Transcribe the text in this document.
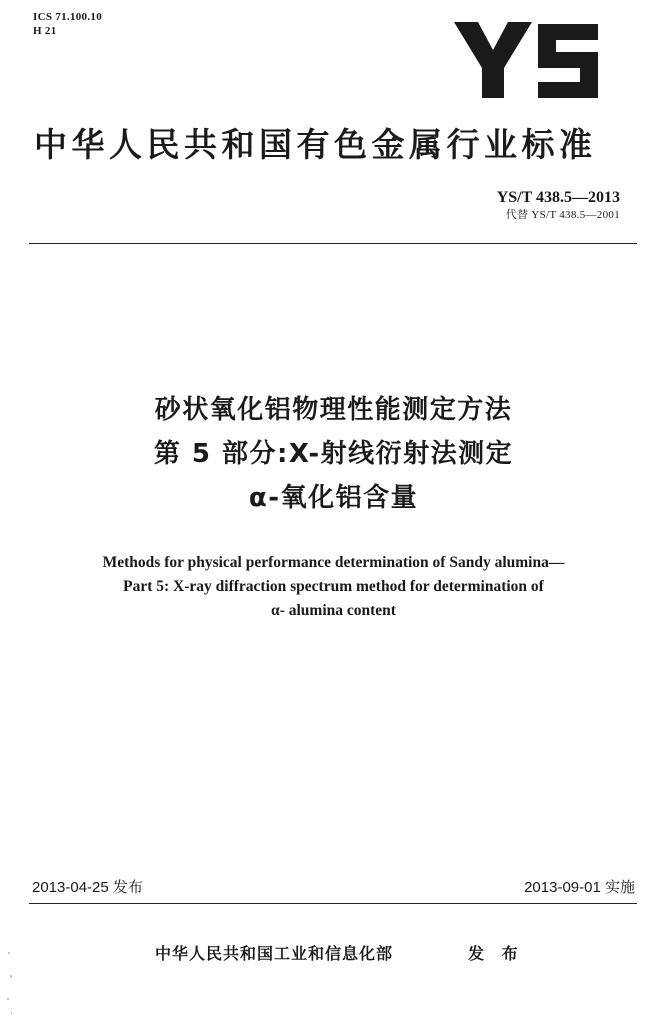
ICS 71.100.10
H 21
中华人民共和国有色金属行业标准
YS/T 438.5—2013
代替 YS/T 438.5—2001
砂状氧化铝物理性能测定方法
第 5 部分:X-射线衍射法测定
α-氧化铝含量
Methods for physical performance determination of Sandy alumina—
Part 5: X-ray diffraction spectrum method for determination of
α- alumina content
2013-04-25 发布	2013-09-01 实施
中华人民共和国工业和信息化部	发 布
